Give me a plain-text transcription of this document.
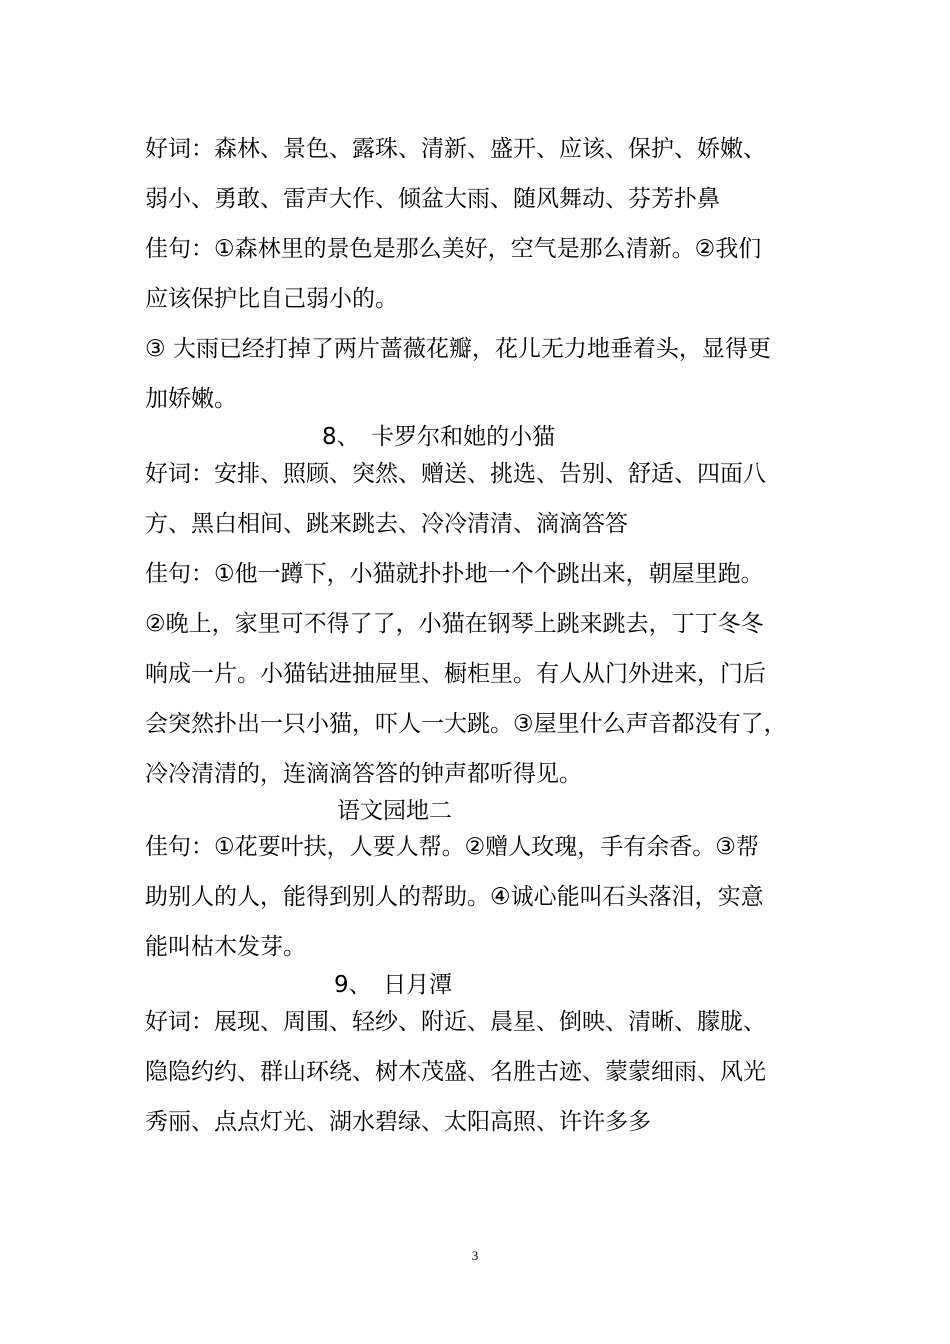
好词：森林、景色、露珠、清新、盛开、应该、保护、娇嫩、
弱小、勇敢、雷声大作、倾盆大雨、随风舞动、芬芳扑鼻
佳句：①森林里的景色是那么美好，空气是那么清新。②我们
应该保护比自己弱小的。
③ 大雨已经打掉了两片蔷薇花瓣，花儿无力地垂着头，显得更
加娇嫩。
8、　卡罗尔和她的小猫
好词：安排、照顾、突然、赠送、挑选、告别、舒适、四面八
方、黑白相间、跳来跳去、冷冷清清、滴滴答答
佳句：①他一蹲下，小猫就扑扑地一个个跳出来，朝屋里跑。
②晚上，家里可不得了了，小猫在钢琴上跳来跳去，丁丁冬冬
响成一片。小猫钻进抽屉里、橱柜里。有人从门外进来，门后
会突然扑出一只小猫，吓人一大跳。③屋里什么声音都没有了，
冷冷清清的，连滴滴答答的钟声都听得见。
语文园地二
佳句：①花要叶扶，人要人帮。②赠人玫瑰，手有余香。③帮
助别人的人，能得到别人的帮助。④诚心能叫石头落泪，实意
能叫枯木发芽。
9、　日月潭
好词：展现、周围、轻纱、附近、晨星、倒映、清晰、朦胧、
隐隐约约、群山环绕、树木茂盛、名胜古迹、蒙蒙细雨、风光
秀丽、点点灯光、湖水碧绿、太阳高照、许许多多
3
